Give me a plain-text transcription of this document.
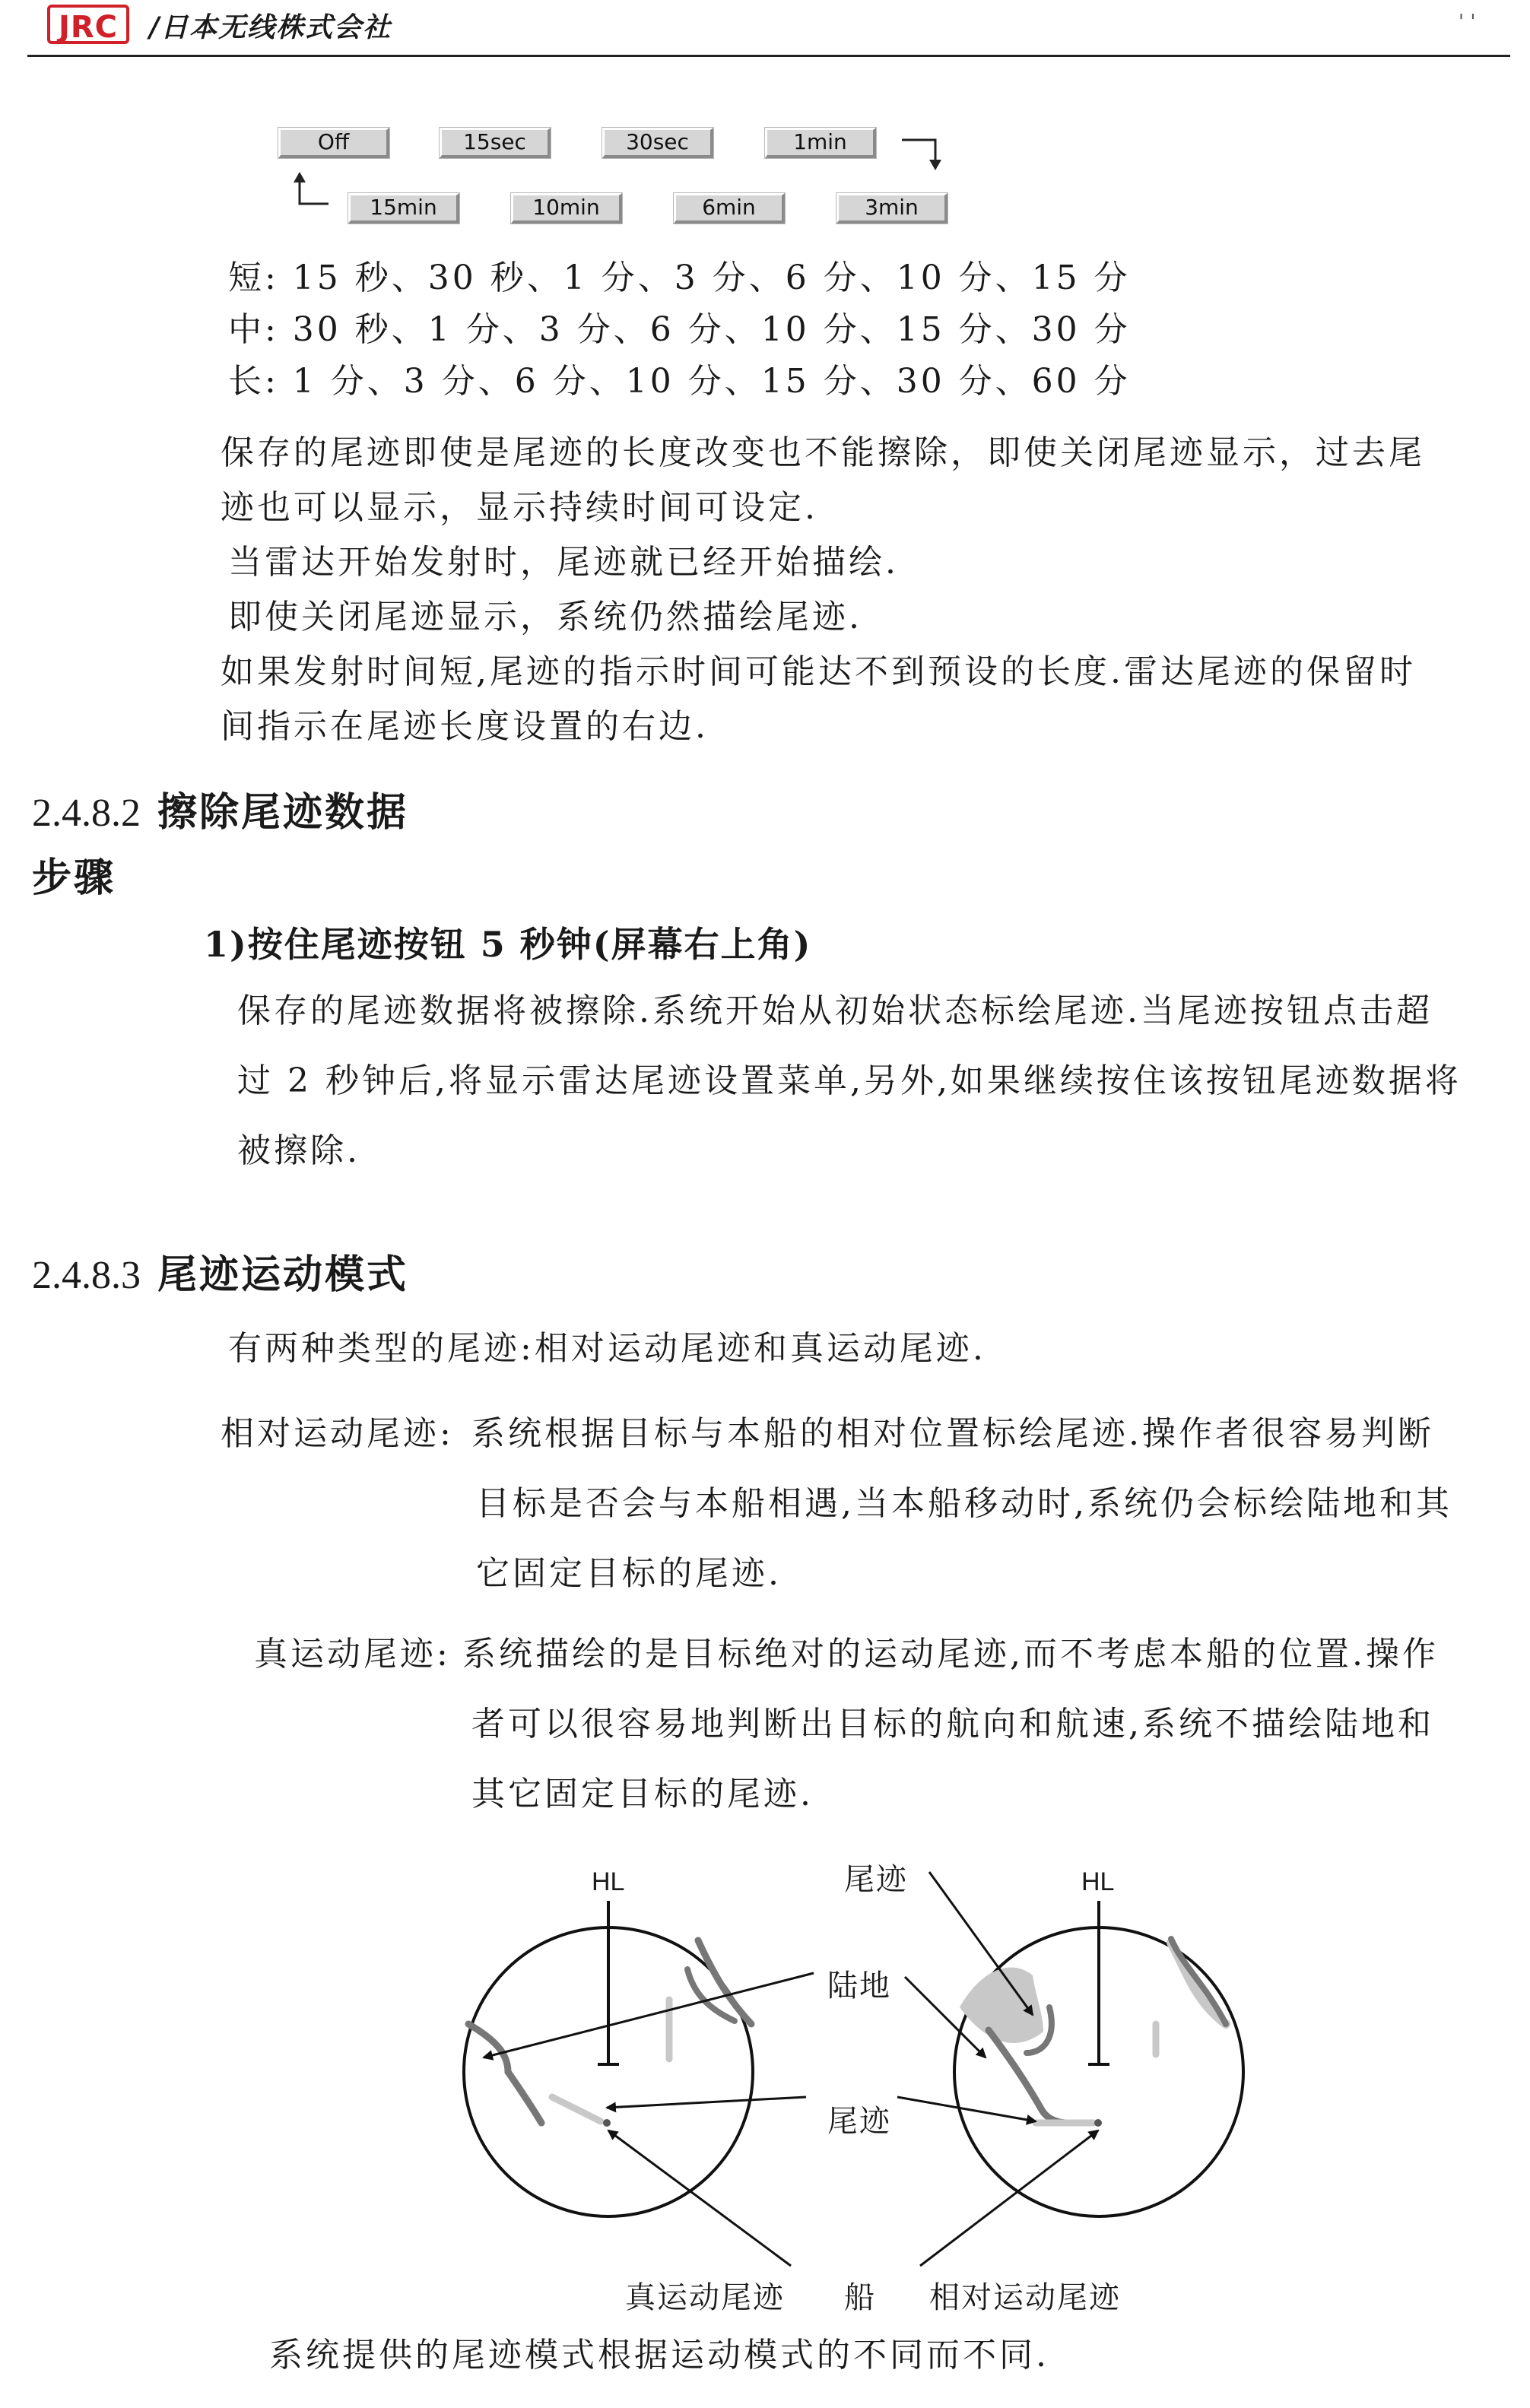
JRC	/日本无线株式会社	' '
Off	15sec	30sec	1min
15min	10min	6min	3min
短: 15 秒、30 秒、1 分、3 分、6 分、10 分、15 分
中: 30 秒、1 分、3 分、6 分、10 分、15 分、30 分
长: 1 分、3 分、6 分、10 分、15 分、30 分、60 分
保存的尾迹即使是尾迹的长度改变也不能擦除，即使关闭尾迹显示，过去尾
迹也可以显示，显示持续时间可设定.
当雷达开始发射时，尾迹就已经开始描绘.
即使关闭尾迹显示，系统仍然描绘尾迹.
如果发射时间短,尾迹的指示时间可能达不到预设的长度.雷达尾迹的保留时
间指示在尾迹长度设置的右边.
2.4.8.2 擦除尾迹数据
步骤
1)按住尾迹按钮 5 秒钟(屏幕右上角)
保存的尾迹数据将被擦除.系统开始从初始状态标绘尾迹.当尾迹按钮点击超
过 2 秒钟后,将显示雷达尾迹设置菜单,另外,如果继续按住该按钮尾迹数据将
被擦除.
2.4.8.3 尾迹运动模式
有两种类型的尾迹:相对运动尾迹和真运动尾迹.
相对运动尾迹: 系统根据目标与本船的相对位置标绘尾迹.操作者很容易判断
目标是否会与本船相遇,当本船移动时,系统仍会标绘陆地和其
它固定目标的尾迹.
真运动尾迹: 系统描绘的是目标绝对的运动尾迹,而不考虑本船的位置.操作
者可以很容易地判断出目标的航向和航速,系统不描绘陆地和
其它固定目标的尾迹.
HL	HL
尾迹
陆地
尾迹
真运动尾迹 船 相对运动尾迹
系统提供的尾迹模式根据运动模式的不同而不同.
